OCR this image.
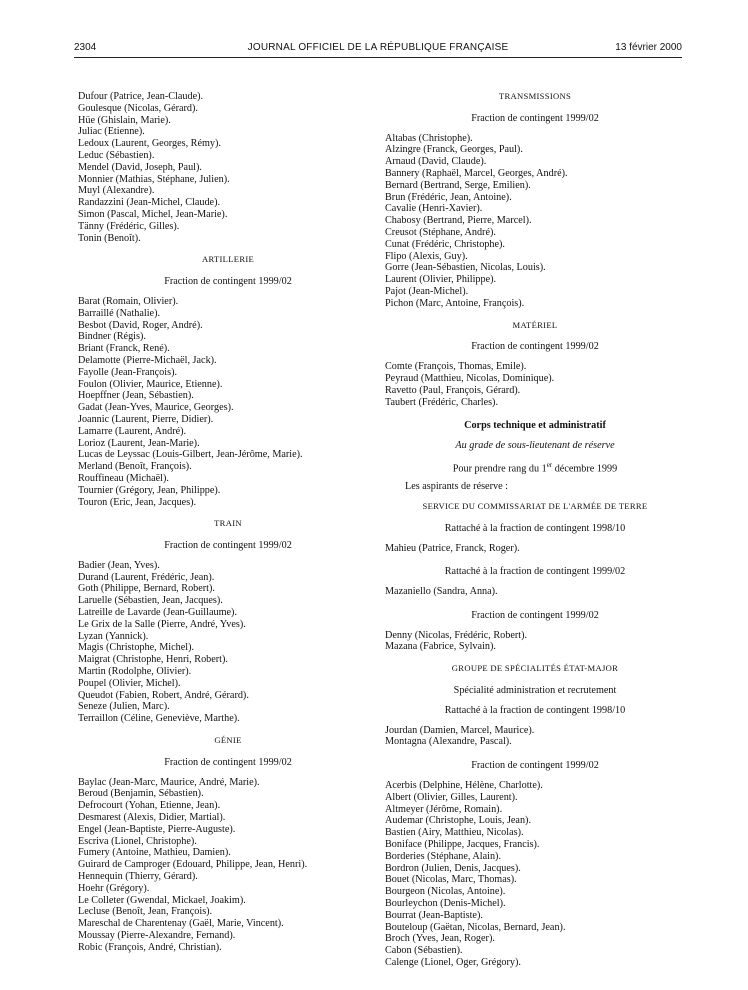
2304	JOURNAL OFFICIEL DE LA RÉPUBLIQUE FRANÇAISE	13 février 2000
Dufour (Patrice, Jean-Claude).
Goulesque (Nicolas, Gérard).
Hüe (Ghislain, Marie).
Juliac (Etienne).
Ledoux (Laurent, Georges, Rémy).
Leduc (Sébastien).
Mendel (David, Joseph, Paul).
Monnier (Mathias, Stéphane, Julien).
Muyl (Alexandre).
Randazzini (Jean-Michel, Claude).
Simon (Pascal, Michel, Jean-Marie).
Tänny (Frédéric, Gilles).
Tonin (Benoît).
ARTILLERIE
Fraction de contingent 1999/02
Barat (Romain, Olivier).
Barraillé (Nathalie).
Besbot (David, Roger, André).
Bindner (Régis).
Briant (Franck, René).
Delamotte (Pierre-Michaël, Jack).
Fayolle (Jean-François).
Foulon (Olivier, Maurice, Etienne).
Hoepffner (Jean, Sébastien).
Gadat (Jean-Yves, Maurice, Georges).
Joannic (Laurent, Pierre, Didier).
Lamarre (Laurent, André).
Lorioz (Laurent, Jean-Marie).
Lucas de Leyssac (Louis-Gilbert, Jean-Jérôme, Marie).
Merland (Benoît, François).
Rouffineau (Michaël).
Tournier (Grégory, Jean, Philippe).
Touron (Eric, Jean, Jacques).
TRAIN
Fraction de contingent 1999/02
Badier (Jean, Yves).
Durand (Laurent, Frédéric, Jean).
Goth (Philippe, Bernard, Robert).
Laruelle (Sébastien, Jean, Jacques).
Latreille de Lavarde (Jean-Guillaume).
Le Grix de la Salle (Pierre, André, Yves).
Lyzan (Yannick).
Magis (Christophe, Michel).
Maigrat (Christophe, Henri, Robert).
Martin (Rodolphe, Olivier).
Poupel (Olivier, Michel).
Queudot (Fabien, Robert, André, Gérard).
Seneze (Julien, Marc).
Terraillon (Céline, Geneviève, Marthe).
GÉNIE
Fraction de contingent 1999/02
Baylac (Jean-Marc, Maurice, André, Marie).
Beroud (Benjamin, Sébastien).
Defrocourt (Yohan, Etienne, Jean).
Desmarest (Alexis, Didier, Martial).
Engel (Jean-Baptiste, Pierre-Auguste).
Escriva (Lionel, Christophe).
Fumery (Antoine, Mathieu, Damien).
Guirard de Camproger (Edouard, Philippe, Jean, Henri).
Hennequin (Thierry, Gérard).
Hoehr (Grégory).
Le Colleter (Gwendal, Mickael, Joakim).
Lecluse (Benoît, Jean, François).
Mareschal de Charentenay (Gaël, Marie, Vincent).
Moussay (Pierre-Alexandre, Fernand).
Robic (François, André, Christian).
TRANSMISSIONS
Fraction de contingent 1999/02
Altabas (Christophe).
Alzingre (Franck, Georges, Paul).
Arnaud (David, Claude).
Bannery (Raphaël, Marcel, Georges, André).
Bernard (Bertrand, Serge, Emilien).
Brun (Frédéric, Jean, Antoine).
Cavalie (Henri-Xavier).
Chabosy (Bertrand, Pierre, Marcel).
Creusot (Stéphane, André).
Cunat (Frédéric, Christophe).
Flipo (Alexis, Guy).
Gorre (Jean-Sébastien, Nicolas, Louis).
Laurent (Olivier, Philippe).
Pajot (Jean-Michel).
Pichon (Marc, Antoine, François).
MATÉRIEL
Fraction de contingent 1999/02
Comte (François, Thomas, Emile).
Peyraud (Matthieu, Nicolas, Dominique).
Ravetto (Paul, François, Gérard).
Taubert (Frédéric, Charles).
Corps technique et administratif
Au grade de sous-lieutenant de réserve
Pour prendre rang du 1er décembre 1999
Les aspirants de réserve :
SERVICE DU COMMISSARIAT DE L'ARMÉE DE TERRE
Rattaché à la fraction de contingent 1998/10
Mahieu (Patrice, Franck, Roger).
Rattaché à la fraction de contingent 1999/02
Mazaniello (Sandra, Anna).
Fraction de contingent 1999/02
Denny (Nicolas, Frédéric, Robert).
Mazana (Fabrice, Sylvain).
GROUPE DE SPÉCIALITÉS ÉTAT-MAJOR
Spécialité administration et recrutement
Rattaché à la fraction de contingent 1998/10
Jourdan (Damien, Marcel, Maurice).
Montagna (Alexandre, Pascal).
Fraction de contingent 1999/02
Acerbis (Delphine, Hélène, Charlotte).
Albert (Olivier, Gilles, Laurent).
Altmeyer (Jérôme, Romain).
Audemar (Christophe, Louis, Jean).
Bastien (Airy, Matthieu, Nicolas).
Boniface (Philippe, Jacques, Francis).
Borderies (Stéphane, Alain).
Bordron (Julien, Denis, Jacques).
Bouet (Nicolas, Marc, Thomas).
Bourgeon (Nicolas, Antoine).
Bourleychon (Denis-Michel).
Bourrat (Jean-Baptiste).
Bouteloup (Gaëtan, Nicolas, Bernard, Jean).
Broch (Yves, Jean, Roger).
Cabon (Sébastien).
Calenge (Lionel, Oger, Grégory).
